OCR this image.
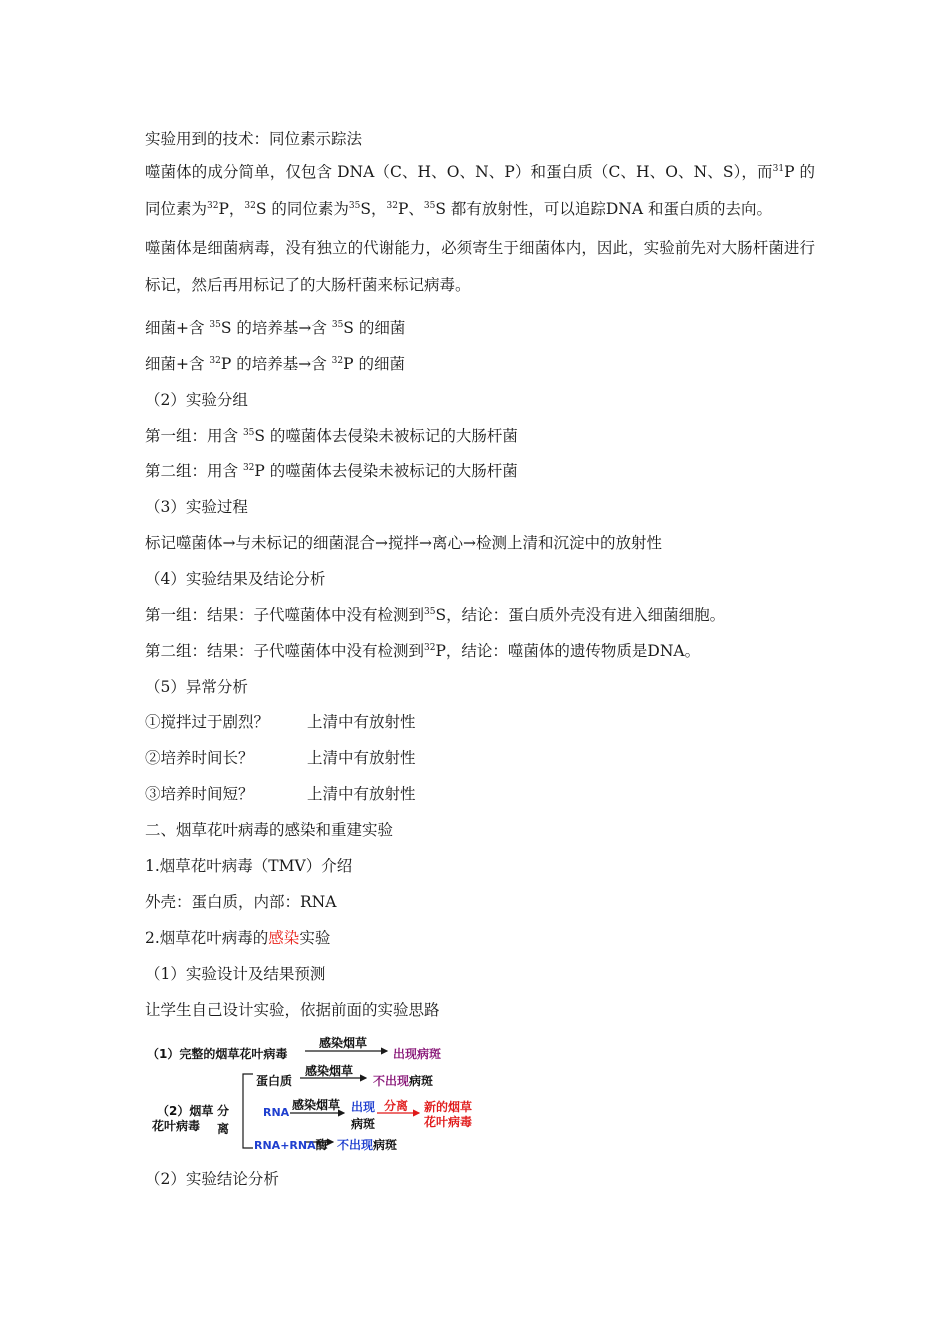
实验用到的技术：同位素示踪法
噬菌体的成分简单，仅包含 DNA（C、H、O、N、P）和蛋白质（C、H、O、N、S），而$^{31}$P 的同位素为$^{32}$P，$^{32}$S 的同位素为$^{35}$S，$^{32}$P、$^{35}$S 都有放射性，可以追踪DNA 和蛋白质的去向。
噬菌体是细菌病毒，没有独立的代谢能力，必须寄生于细菌体内，因此，实验前先对大肠杆菌进行标记，然后再用标记了的大肠杆菌来标记病毒。
细菌+含 $^{35}$S 的培养基→含 $^{35}$S 的细菌
细菌+含 $^{32}$P 的培养基→含 $^{32}$P 的细菌
（2）实验分组
第一组：用含 $^{35}$S 的噬菌体去侵染未被标记的大肠杆菌
第二组：用含 $^{32}$P 的噬菌体去侵染未被标记的大肠杆菌
（3）实验过程
标记噬菌体→与未标记的细菌混合→搅拌→离心→检测上清和沉淀中的放射性
（4）实验结果及结论分析
第一组：结果：子代噬菌体中没有检测到$^{35}$S，结论：蛋白质外壳没有进入细菌细胞。
第二组：结果：子代噬菌体中没有检测到$^{32}$P，结论：噬菌体的遗传物质是DNA。
（5）异常分析
①搅拌过于剧烈？ 上清中有放射性
②培养时间长？	上清中有放射性
③培养时间短？	上清中有放射性
二、烟草花叶病毒的感染和重建实验
1.烟草花叶病毒（TMV）介绍
外壳：蛋白质，内部：RNA
2.烟草花叶病毒的感染实验
（1）实验设计及结果预测
让学生自己设计实验，依据前面的实验思路
（1）完整的烟草花叶病毒
感染烟草
出现病斑
（2）烟草
花叶病毒
分
离
蛋白质
感染烟草
不出现病斑
RNA
感染烟草 出现
病斑
分离 新的烟草
花叶病毒
RNA+RNA酶 不出现病斑
（2）实验结论分析
